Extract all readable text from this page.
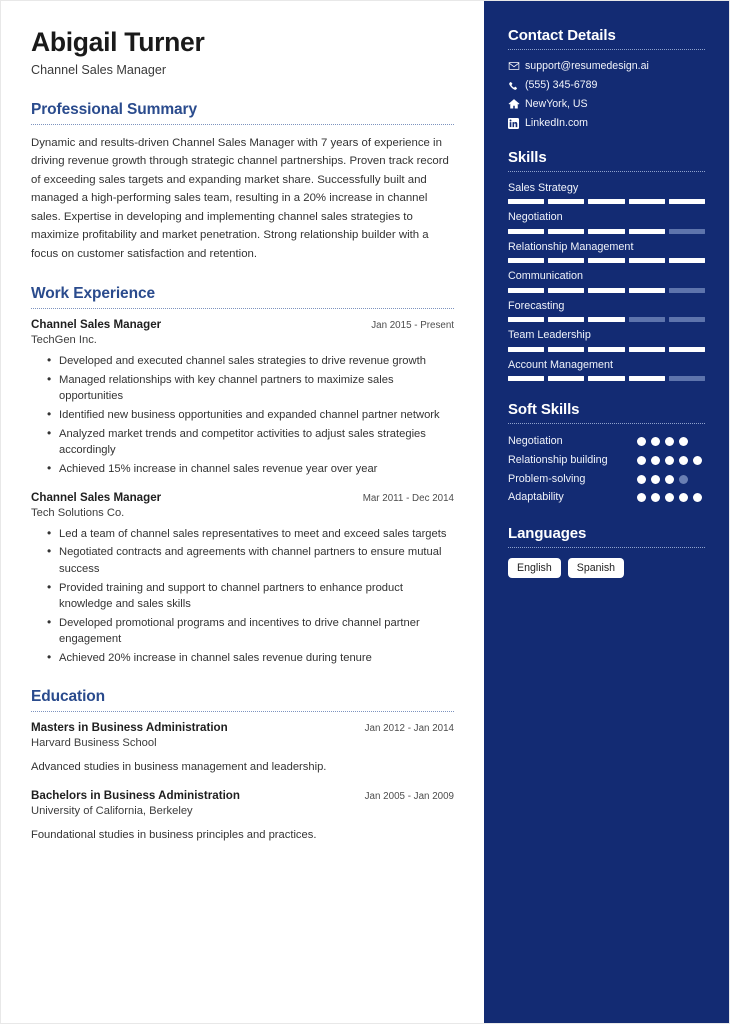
Abigail Turner
Channel Sales Manager
Professional Summary
Dynamic and results-driven Channel Sales Manager with 7 years of experience in driving revenue growth through strategic channel partnerships. Proven track record of exceeding sales targets and expanding market share. Successfully built and managed a high-performing sales team, resulting in a 20% increase in channel sales. Expertise in developing and implementing channel sales strategies to maximize profitability and market penetration. Strong relationship builder with a focus on customer satisfaction and retention.
Work Experience
Channel Sales Manager	Jan 2015 - Present
TechGen Inc.
• Developed and executed channel sales strategies to drive revenue growth
• Managed relationships with key channel partners to maximize sales opportunities
• Identified new business opportunities and expanded channel partner network
• Analyzed market trends and competitor activities to adjust sales strategies accordingly
• Achieved 15% increase in channel sales revenue year over year
Channel Sales Manager	Mar 2011 - Dec 2014
Tech Solutions Co.
• Led a team of channel sales representatives to meet and exceed sales targets
• Negotiated contracts and agreements with channel partners to ensure mutual success
• Provided training and support to channel partners to enhance product knowledge and sales skills
• Developed promotional programs and incentives to drive channel partner engagement
• Achieved 20% increase in channel sales revenue during tenure
Education
Masters in Business Administration	Jan 2012 - Jan 2014
Harvard Business School
Advanced studies in business management and leadership.
Bachelors in Business Administration	Jan 2005 - Jan 2009
University of California, Berkeley
Foundational studies in business principles and practices.
Contact Details
support@resumedesign.ai
(555) 345-6789
NewYork, US
LinkedIn.com
Skills
Sales Strategy
Negotiation
Relationship Management
Communication
Forecasting
Team Leadership
Account Management
Soft Skills
Negotiation
Relationship building
Problem-solving
Adaptability
Languages
English	Spanish
